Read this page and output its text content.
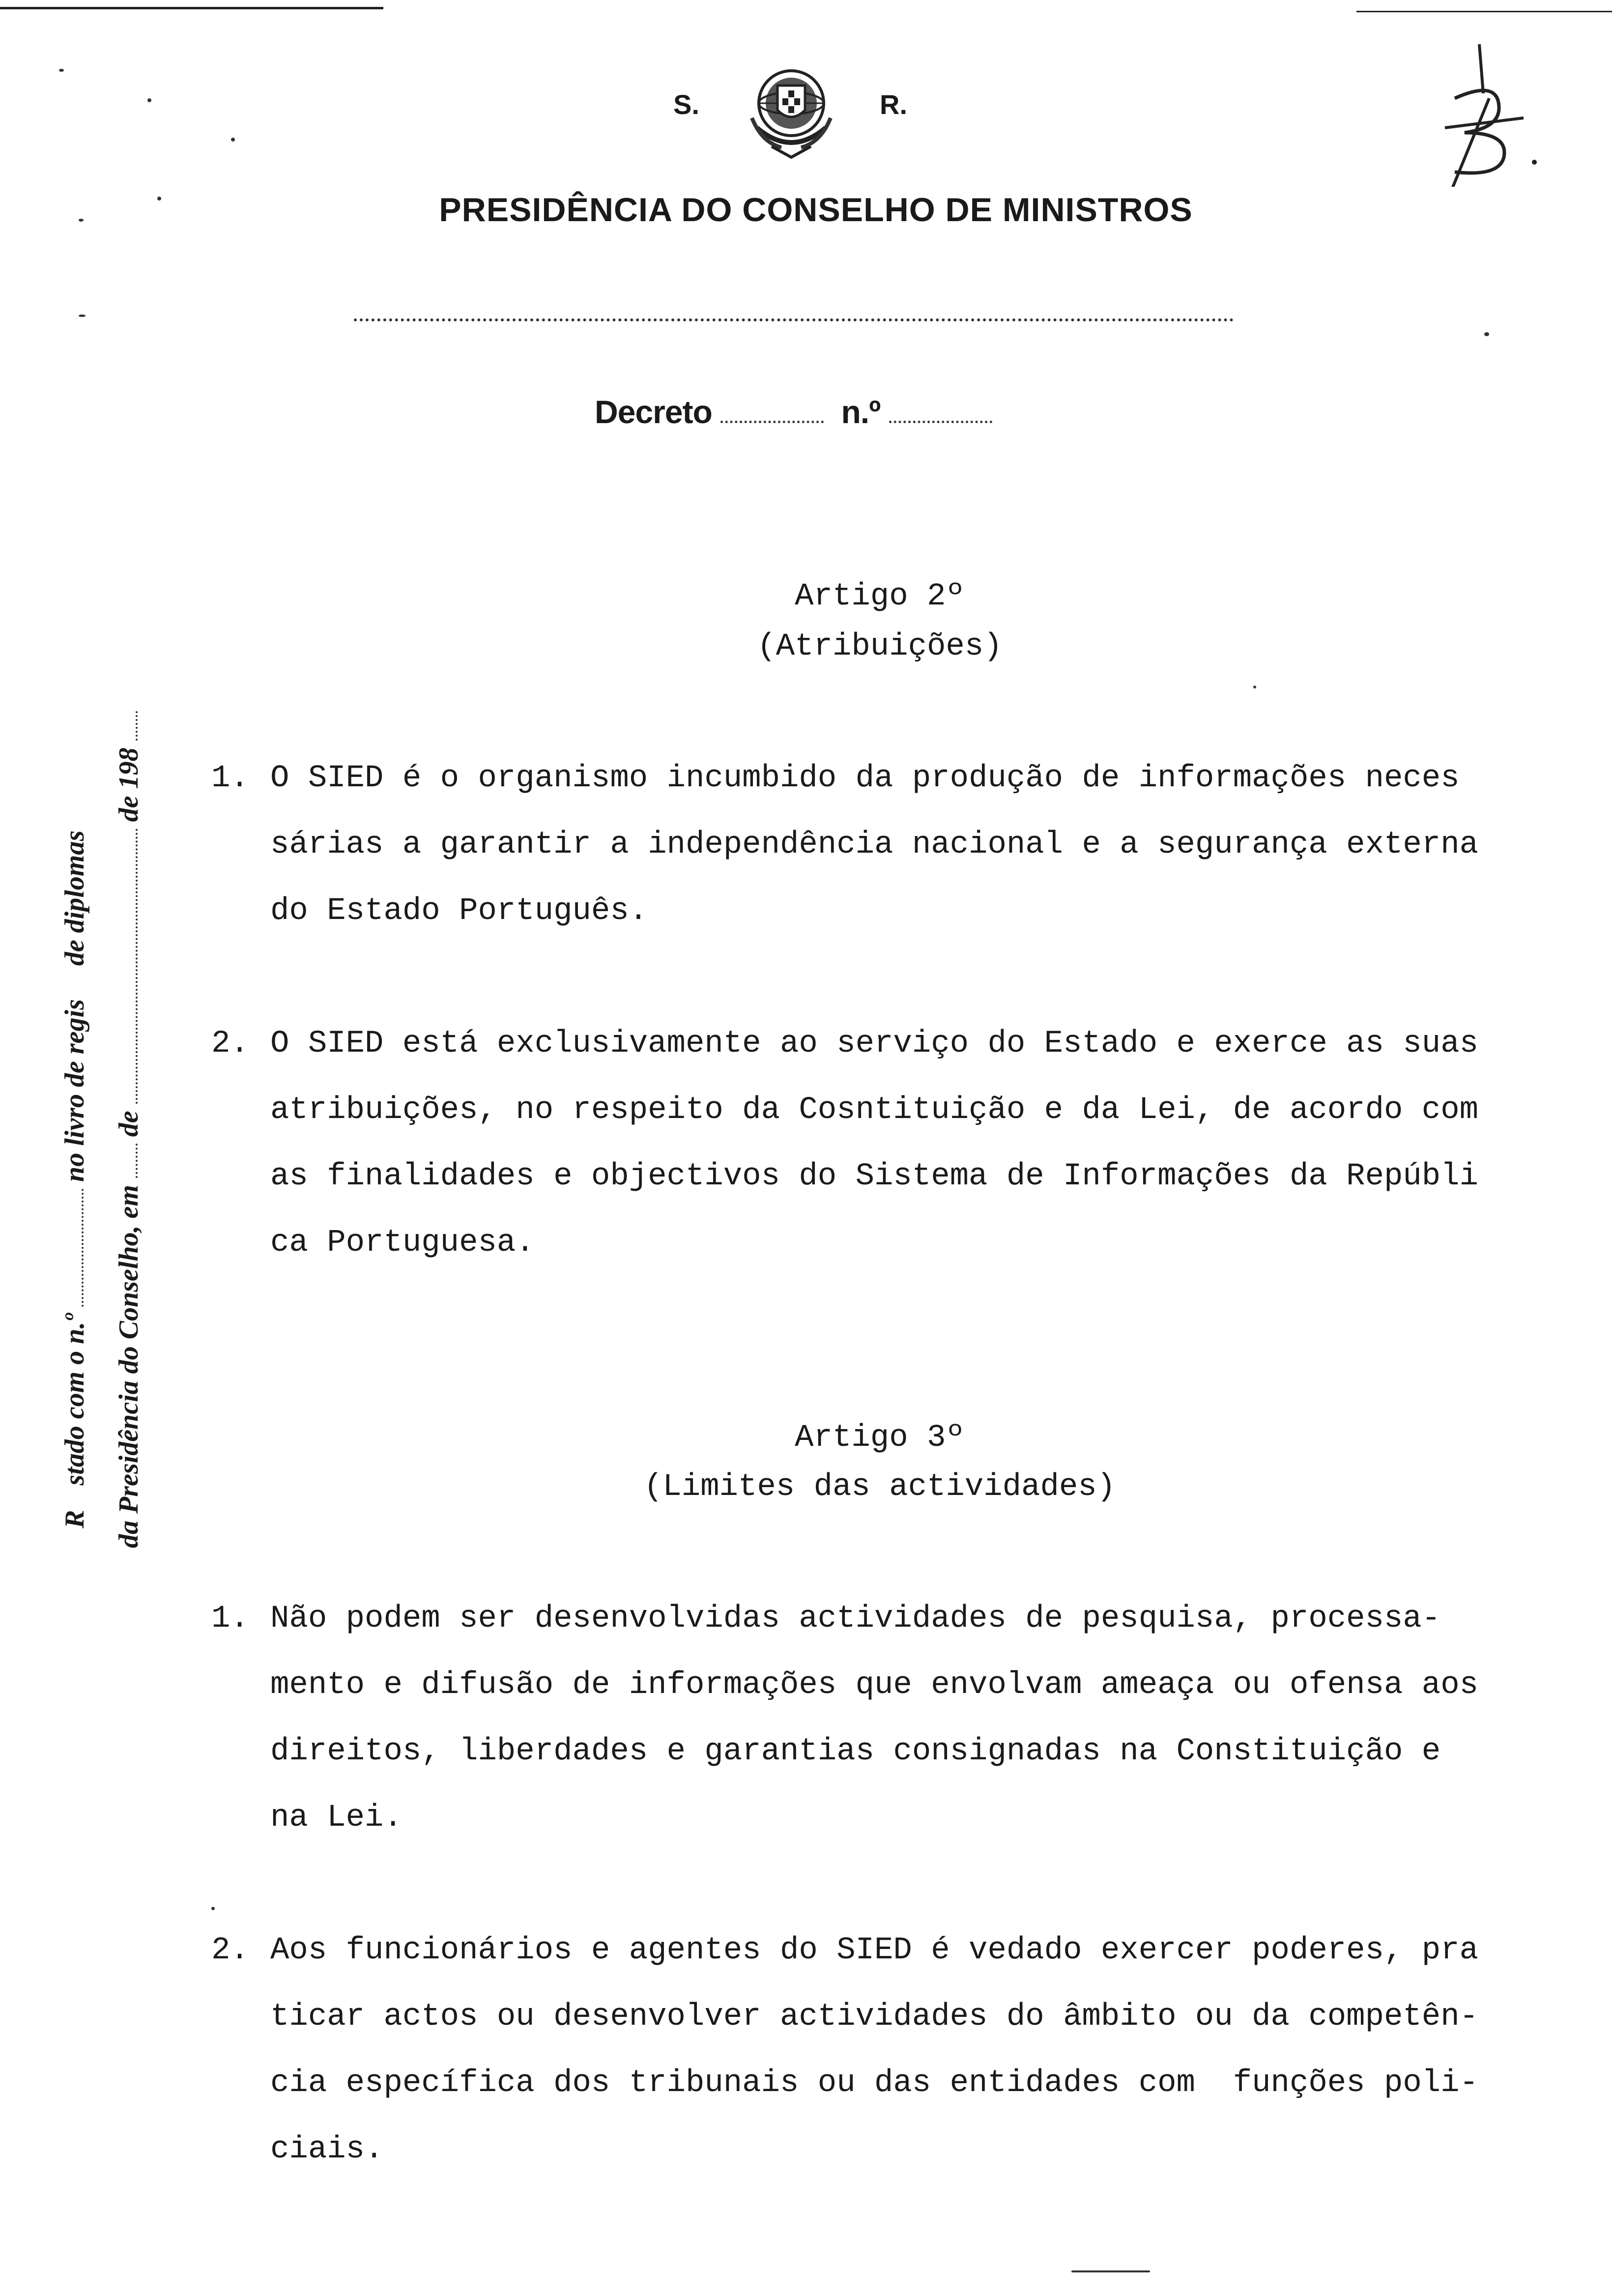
S.	R.
PRESIDÊNCIA DO CONSELHO DE MINISTROS
Decreto	n.º
Rstado com o n.º  no livro de regis  de diplomas
da Presidência do Conselho, em  de  de 198
Artigo 2º
(Atribuições)
1. O SIED é o organismo incumbido da produção de informações neces
sárias a garantir a independência nacional e a segurança externa
do Estado Português.
2. O SIED está exclusivamente ao serviço do Estado e exerce as suas
atribuições, no respeito da Cosntituição e da Lei, de acordo com
as finalidades e objectivos do Sistema de Informações da Repúbli
ca Portuguesa.
Artigo 3º
(Limites das actividades)
1. Não podem ser desenvolvidas actividades de pesquisa, processa-
mento e difusão de informações que envolvam ameaça ou ofensa aos
direitos, liberdades e garantias consignadas na Constituição e
na Lei.
2. Aos funcionários e agentes do SIED é vedado exercer poderes, pra
ticar actos ou desenvolver actividades do âmbito ou da competên-
cia específica dos tribunais ou das entidades com  funções poli-
ciais.
